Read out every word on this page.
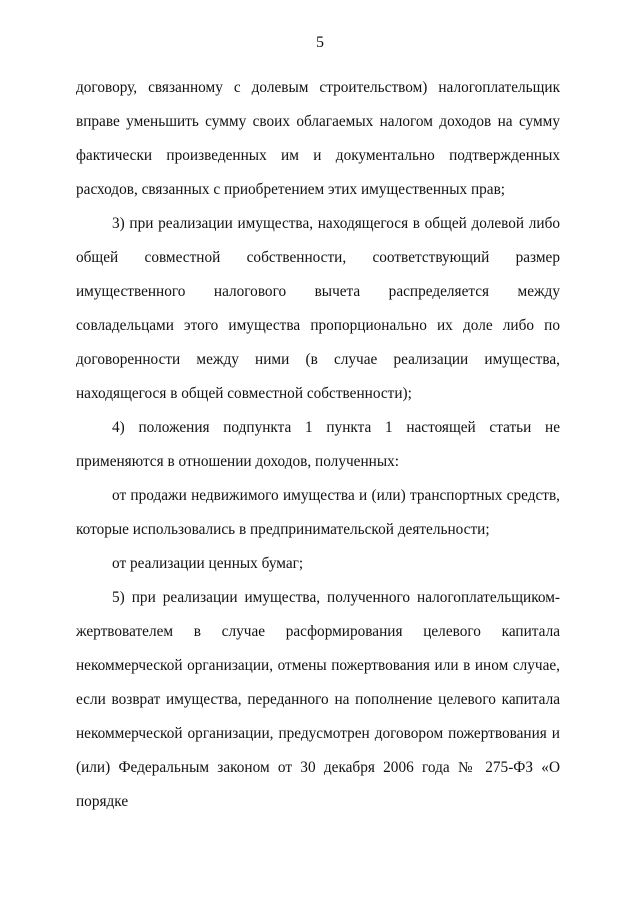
5

договору, связанному с долевым строительством) налогоплательщик вправе уменьшить сумму своих облагаемых налогом доходов на сумму фактически произведенных им и документально подтвержденных расходов, связанных с приобретением этих имущественных прав;

3) при реализации имущества, находящегося в общей долевой либо общей совместной собственности, соответствующий размер имущественного налогового вычета распределяется между совладельцами этого имущества пропорционально их доле либо по договоренности между ними (в случае реализации имущества, находящегося в общей совместной собственности);

4) положения подпункта 1 пункта 1 настоящей статьи не применяются в отношении доходов, полученных:

от продажи недвижимого имущества и (или) транспортных средств, которые использовались в предпринимательской деятельности;

от реализации ценных бумаг;

5) при реализации имущества, полученного налогоплательщиком-жертвователем в случае расформирования целевого капитала некоммерческой организации, отмены пожертвования или в ином случае, если возврат имущества, переданного на пополнение целевого капитала некоммерческой организации, предусмотрен договором пожертвования и (или) Федеральным законом от 30 декабря 2006 года № 275-ФЗ «О порядке
